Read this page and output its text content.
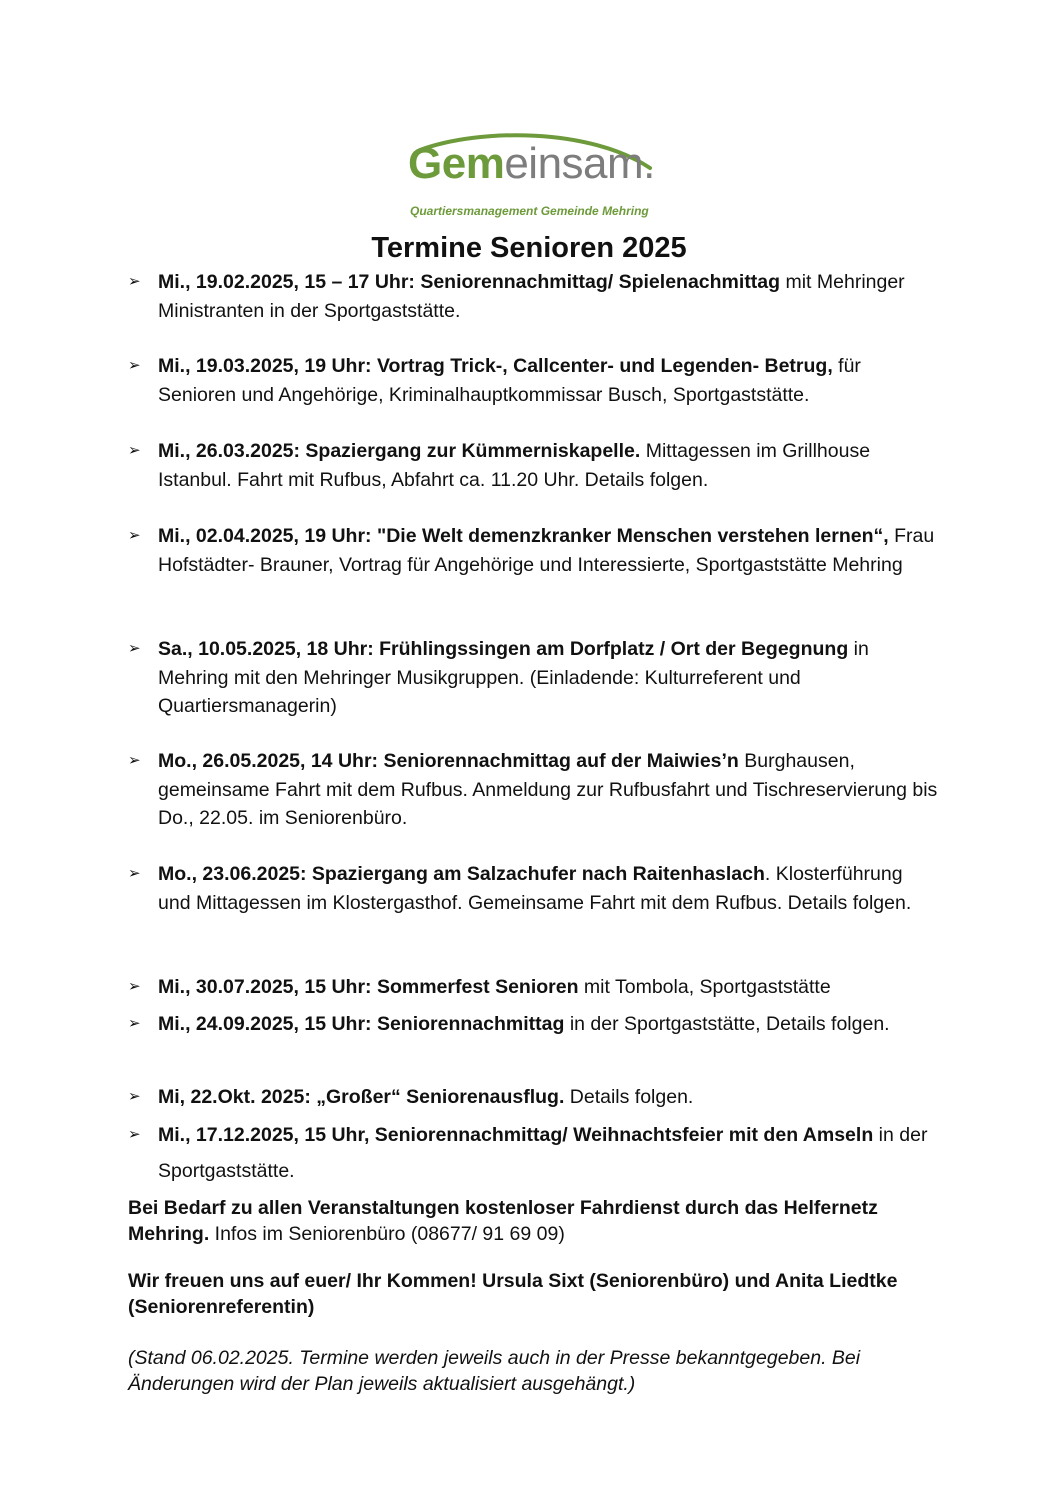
Gemeinsam.
Quartiersmanagement Gemeinde Mehring
Termine Senioren 2025
➢ Mi., 19.02.2025, 15 – 17 Uhr: Seniorennachmittag/ Spielenachmittag mit Mehringer Ministranten in der Sportgaststätte.
➢ Mi., 19.03.2025, 19 Uhr: Vortrag Trick-, Callcenter- und Legenden- Betrug, für Senioren und Angehörige, Kriminalhauptkommissar Busch, Sportgaststätte.
➢ Mi., 26.03.2025: Spaziergang zur Kümmerniskapelle. Mittagessen im Grillhouse Istanbul. Fahrt mit Rufbus, Abfahrt ca. 11.20 Uhr. Details folgen.
➢ Mi., 02.04.2025, 19 Uhr: "Die Welt demenzkranker Menschen verstehen lernen“, Frau Hofstädter- Brauner, Vortrag für Angehörige und Interessierte, Sportgaststätte Mehring
➢ Sa., 10.05.2025, 18 Uhr: Frühlingssingen am Dorfplatz / Ort der Begegnung in Mehring mit den Mehringer Musikgruppen. (Einladende: Kulturreferent und Quartiersmanagerin)
➢ Mo., 26.05.2025, 14 Uhr: Seniorennachmittag auf der Maiwies’n Burghausen, gemeinsame Fahrt mit dem Rufbus. Anmeldung zur Rufbusfahrt und Tischreservierung bis Do., 22.05. im Seniorenbüro.
➢ Mo., 23.06.2025: Spaziergang am Salzachufer nach Raitenhaslach. Klosterführung und Mittagessen im Klostergasthof. Gemeinsame Fahrt mit dem Rufbus. Details folgen.
➢ Mi., 30.07.2025, 15 Uhr: Sommerfest Senioren mit Tombola, Sportgaststätte
➢ Mi., 24.09.2025, 15 Uhr: Seniorennachmittag in der Sportgaststätte, Details folgen.
➢ Mi, 22.Okt. 2025: „Großer“ Seniorenausflug. Details folgen.
➢ Mi., 17.12.2025, 15 Uhr, Seniorennachmittag/ Weihnachtsfeier mit den Amseln in der Sportgaststätte.
Bei Bedarf zu allen Veranstaltungen kostenloser Fahrdienst durch das Helfernetz Mehring. Infos im Seniorenbüro (08677/ 91 69 09)
Wir freuen uns auf euer/ Ihr Kommen! Ursula Sixt (Seniorenbüro) und Anita Liedtke (Seniorenreferentin)
(Stand 06.02.2025. Termine werden jeweils auch in der Presse bekanntgegeben. Bei Änderungen wird der Plan jeweils aktualisiert ausgehängt.)
